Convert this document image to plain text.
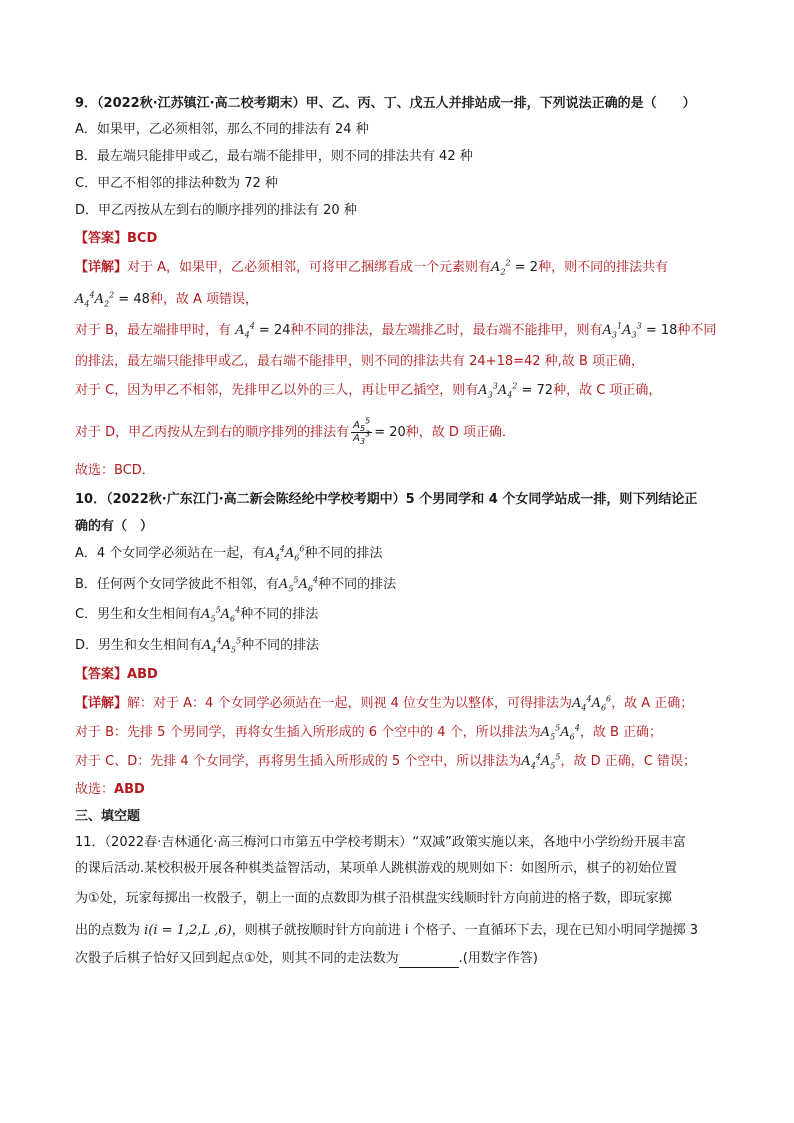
9．（2022秋·江苏镇江·高二校考期末）甲、乙、丙、丁、戊五人并排站成一排，下列说法正确的是（　　）
A．如果甲，乙必须相邻，那么不同的排法有 24 种
B．最左端只能排甲或乙，最右端不能排甲，则不同的排法共有 42 种
C．甲乙不相邻的排法种数为 72 种
D．甲乙丙按从左到右的顺序排列的排法有 20 种
【答案】BCD
【详解】对于 A，如果甲，乙必须相邻，可将甲乙捆绑看成一个元素则有$A_2^2 = 2$种，则不同的排法共有
$A_4^4A_2^2 = 48$种，故 A 项错误，
对于 B，最左端排甲时，有 $A_4^4 = 24$种不同的排法，最左端排乙时，最右端不能排甲，则有$A_3^1A_3^3 = 18$种不同
的排法，最左端只能排甲或乙，最右端不能排甲，则不同的排法共有 24+18=42 种,故 B 项正确，
对于 C，因为甲乙不相邻，先排甲乙以外的三人，再让甲乙插空，则有$A_3^3A_4^2 = 72$种，故 C 项正确，
对于 D，甲乙丙按从左到右的顺序排列的排法有 $\frac{A_5^5}{A_3^3} = 20$种，故 D 项正确．
故选：BCD．
10．（2022秋·广东江门·高二新会陈经纶中学校考期中）5 个男同学和 4 个女同学站成一排，则下列结论正
确的有（　）
A．4 个女同学必须站在一起，有$A_4^4A_6^6$种不同的排法
B．任何两个女同学彼此不相邻，有$A_5^5A_6^4$种不同的排法
C．男生和女生相间有$A_5^5A_6^4$种不同的排法
D．男生和女生相间有$A_4^4A_5^5$种不同的排法
【答案】ABD
【详解】解：对于 A：4 个女同学必须站在一起，则视 4 位女生为以整体，可得排法为$A_4^4A_6^6$，故 A 正确；
对于 B：先排 5 个男同学，再将女生插入所形成的 6 个空中的 4 个，所以排法为$A_5^5A_6^4$，故 B 正确；
对于 C、D：先排 4 个女同学，再将男生插入所形成的 5 个空中，所以排法为$A_4^4A_5^5$，故 D 正确，C 错误；
故选：ABD
三、填空题
11．（2022春·吉林通化·高三梅河口市第五中学校考期末）“双减”政策实施以来，各地中小学纷纷开展丰富
的课后活动.某校积极开展各种棋类益智活动，某项单人跳棋游戏的规则如下：如图所示，棋子的初始位置
为①处，玩家每掷出一枚骰子，朝上一面的点数即为棋子沿棋盘实线顺时针方向前进的格子数，即玩家掷
出的点数为 i(i = 1,2,L ,6)，则棋子就按顺时针方向前进 i 个格子、一直循环下去，现在已知小明同学抛掷 3
次骰子后棋子恰好又回到起点①处，则其不同的走法数为	.(用数字作答)
